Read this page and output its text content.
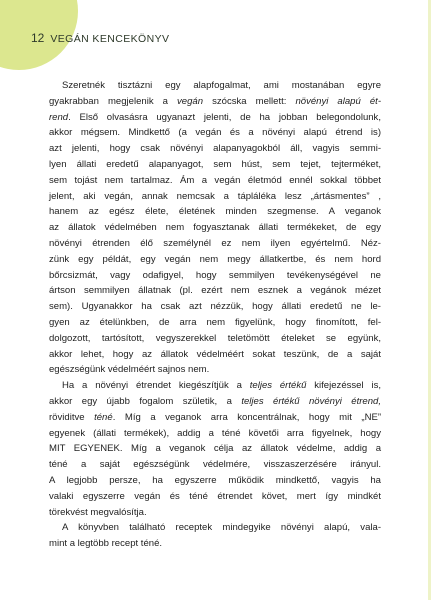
12 VEGÁN KENCEKÖNYV
Szeretnék tisztázni egy alapfogalmat, ami mostanában egyre
gyakrabban megjelenik a vegán szócska mellett: növényi alapú ét-
rend. Első olvasásra ugyanazt jelenti, de ha jobban belegondolunk,
akkor mégsem. Mindkettő (a vegán és a növényi alapú étrend is)
azt jelenti, hogy csak növényi alapanyagokból áll, vagyis semmi-
lyen állati eredetű alapanyagot, sem húst, sem tejet, tejterméket,
sem tojást nem tartalmaz. Ám a vegán életmód ennél sokkal többet
jelent, aki vegán, annak nemcsak a tápláléka lesz „ártásmentes” ,
hanem az egész élete, életének minden szegmense. A veganok
az állatok védelmében nem fogyasztanak állati termékeket, de egy
növényi étrenden élő személynél ez nem ilyen egyértelmű. Néz-
zünk egy példát, egy vegán nem megy állatkertbe, és nem hord
bőrcsizmát, vagy odafigyel, hogy semmilyen tevékenységével ne
ártson semmilyen állatnak (pl. ezért nem esznek a vegánok mézet
sem). Ugyanakkor ha csak azt nézzük, hogy állati eredetű ne le-
gyen az ételünkben, de arra nem figyelünk, hogy finomított, fel-
dolgozott, tartósított, vegyszerekkel teletömött ételeket se együnk,
akkor lehet, hogy az állatok védelméért sokat teszünk, de a saját
egészségünk védelméért sajnos nem.
Ha a növényi étrendet kiegészítjük a teljes értékű kifejezéssel is,
akkor egy újabb fogalom születik, a teljes értékű növényi étrend,
röviditve téné. Míg a veganok arra koncentrálnak, hogy mit „NE”
egyenek (állati termékek), addig a téné követői arra figyelnek, hogy
MIT EGYENEK. Míg a veganok célja az állatok védelme, addig a
téné a saját egészségünk védelmére, visszaszerzésére irányul.
A legjobb persze, ha egyszerre működik mindkettő, vagyis ha
valaki egyszerre vegán és téné étrendet követ, mert így mindkét
törekvést megvalósítja.
A könyvben található receptek mindegyike növényi alapú, vala-
mint a legtöbb recept téné.
